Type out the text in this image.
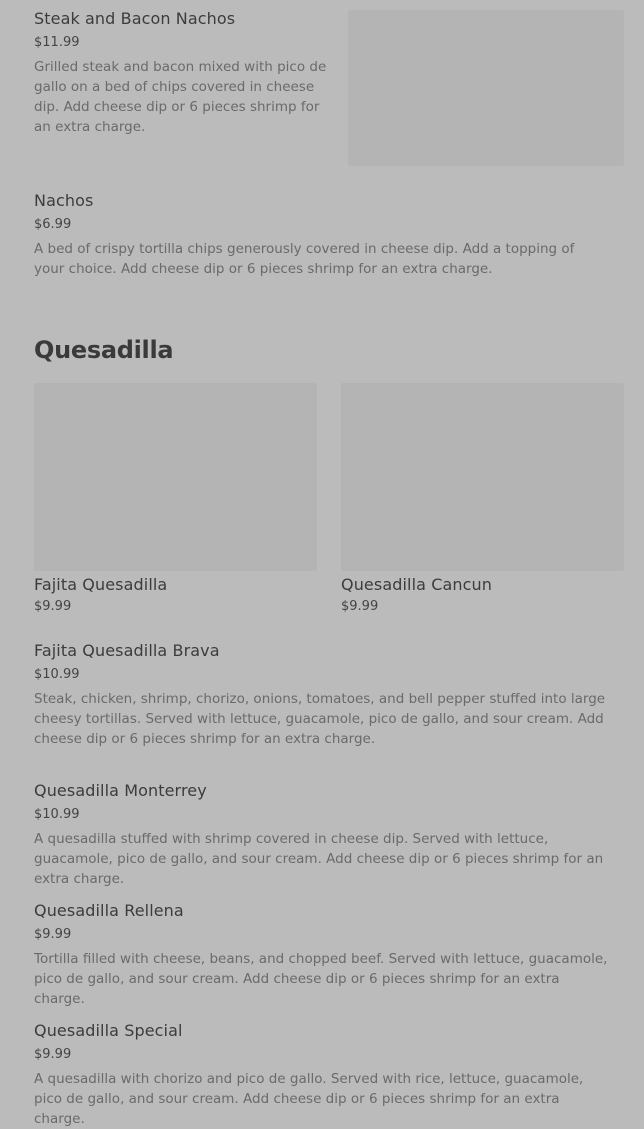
Steak and Bacon Nachos
$11.99
Grilled steak and bacon mixed with pico de gallo on a bed of chips covered in cheese dip. Add cheese dip or 6 pieces shrimp for an extra charge.
Nachos
$6.99
A bed of crispy tortilla chips generously covered in cheese dip. Add a topping of your choice. Add cheese dip or 6 pieces shrimp for an extra charge.
Quesadilla
Fajita Quesadilla
$9.99
Quesadilla Cancun
$9.99
Fajita Quesadilla Brava
$10.99
Steak, chicken, shrimp, chorizo, onions, tomatoes, and bell pepper stuffed into large cheesy tortillas. Served with lettuce, guacamole, pico de gallo, and sour cream. Add cheese dip or 6 pieces shrimp for an extra charge.
Quesadilla Monterrey
$10.99
A quesadilla stuffed with shrimp covered in cheese dip. Served with lettuce, guacamole, pico de gallo, and sour cream. Add cheese dip or 6 pieces shrimp for an extra charge.
Quesadilla Rellena
$9.99
Tortilla filled with cheese, beans, and chopped beef. Served with lettuce, guacamole, pico de gallo, and sour cream. Add cheese dip or 6 pieces shrimp for an extra charge.
Quesadilla Special
$9.99
A quesadilla with chorizo and pico de gallo. Served with rice, lettuce, guacamole, pico de gallo, and sour cream. Add cheese dip or 6 pieces shrimp for an extra charge.
